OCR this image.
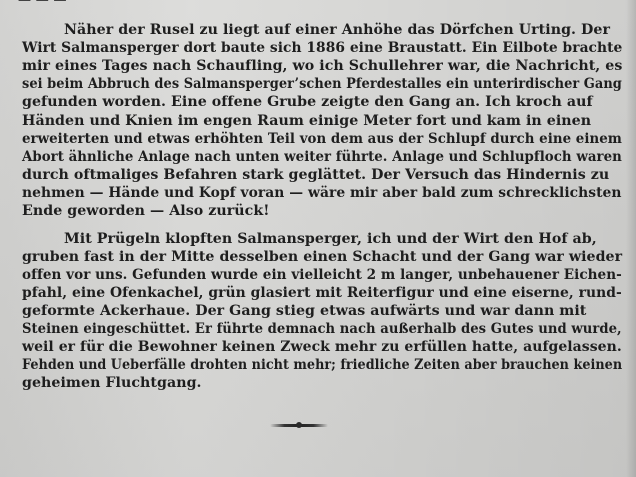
— — —
Näher der Rusel zu liegt auf einer Anhöhe das Dörfchen Urting. Der
Wirt Salmansperger dort baute sich 1886 eine Braustatt. Ein Eilbote brachte
mir eines Tages nach Schaufling, wo ich Schullehrer war, die Nachricht, es
sei beim Abbruch des Salmansperger’schen Pferdestalles ein unterirdischer Gang
gefunden worden. Eine offene Grube zeigte den Gang an. Ich kroch auf
Händen und Knien im engen Raum einige Meter fort und kam in einen
erweiterten und etwas erhöhten Teil von dem aus der Schlupf durch eine einem
Abort ähnliche Anlage nach unten weiter führte. Anlage und Schlupfloch waren
durch oftmaliges Befahren stark geglättet. Der Versuch das Hindernis zu
nehmen — Hände und Kopf voran — wäre mir aber bald zum schrecklichsten
Ende geworden — Also zurück!
Mit Prügeln klopften Salmansperger, ich und der Wirt den Hof ab,
gruben fast in der Mitte desselben einen Schacht und der Gang war wieder
offen vor uns. Gefunden wurde ein vielleicht 2 m langer, unbehauener Eichen-
pfahl, eine Ofenkachel, grün glasiert mit Reiterfigur und eine eiserne, rund-
geformte Ackerhaue. Der Gang stieg etwas aufwärts und war dann mit
Steinen eingeschüttet. Er führte demnach nach außerhalb des Gutes und wurde,
weil er für die Bewohner keinen Zweck mehr zu erfüllen hatte, aufgelassen.
Fehden und Ueberfälle drohten nicht mehr; friedliche Zeiten aber brauchen keinen
geheimen Fluchtgang.
